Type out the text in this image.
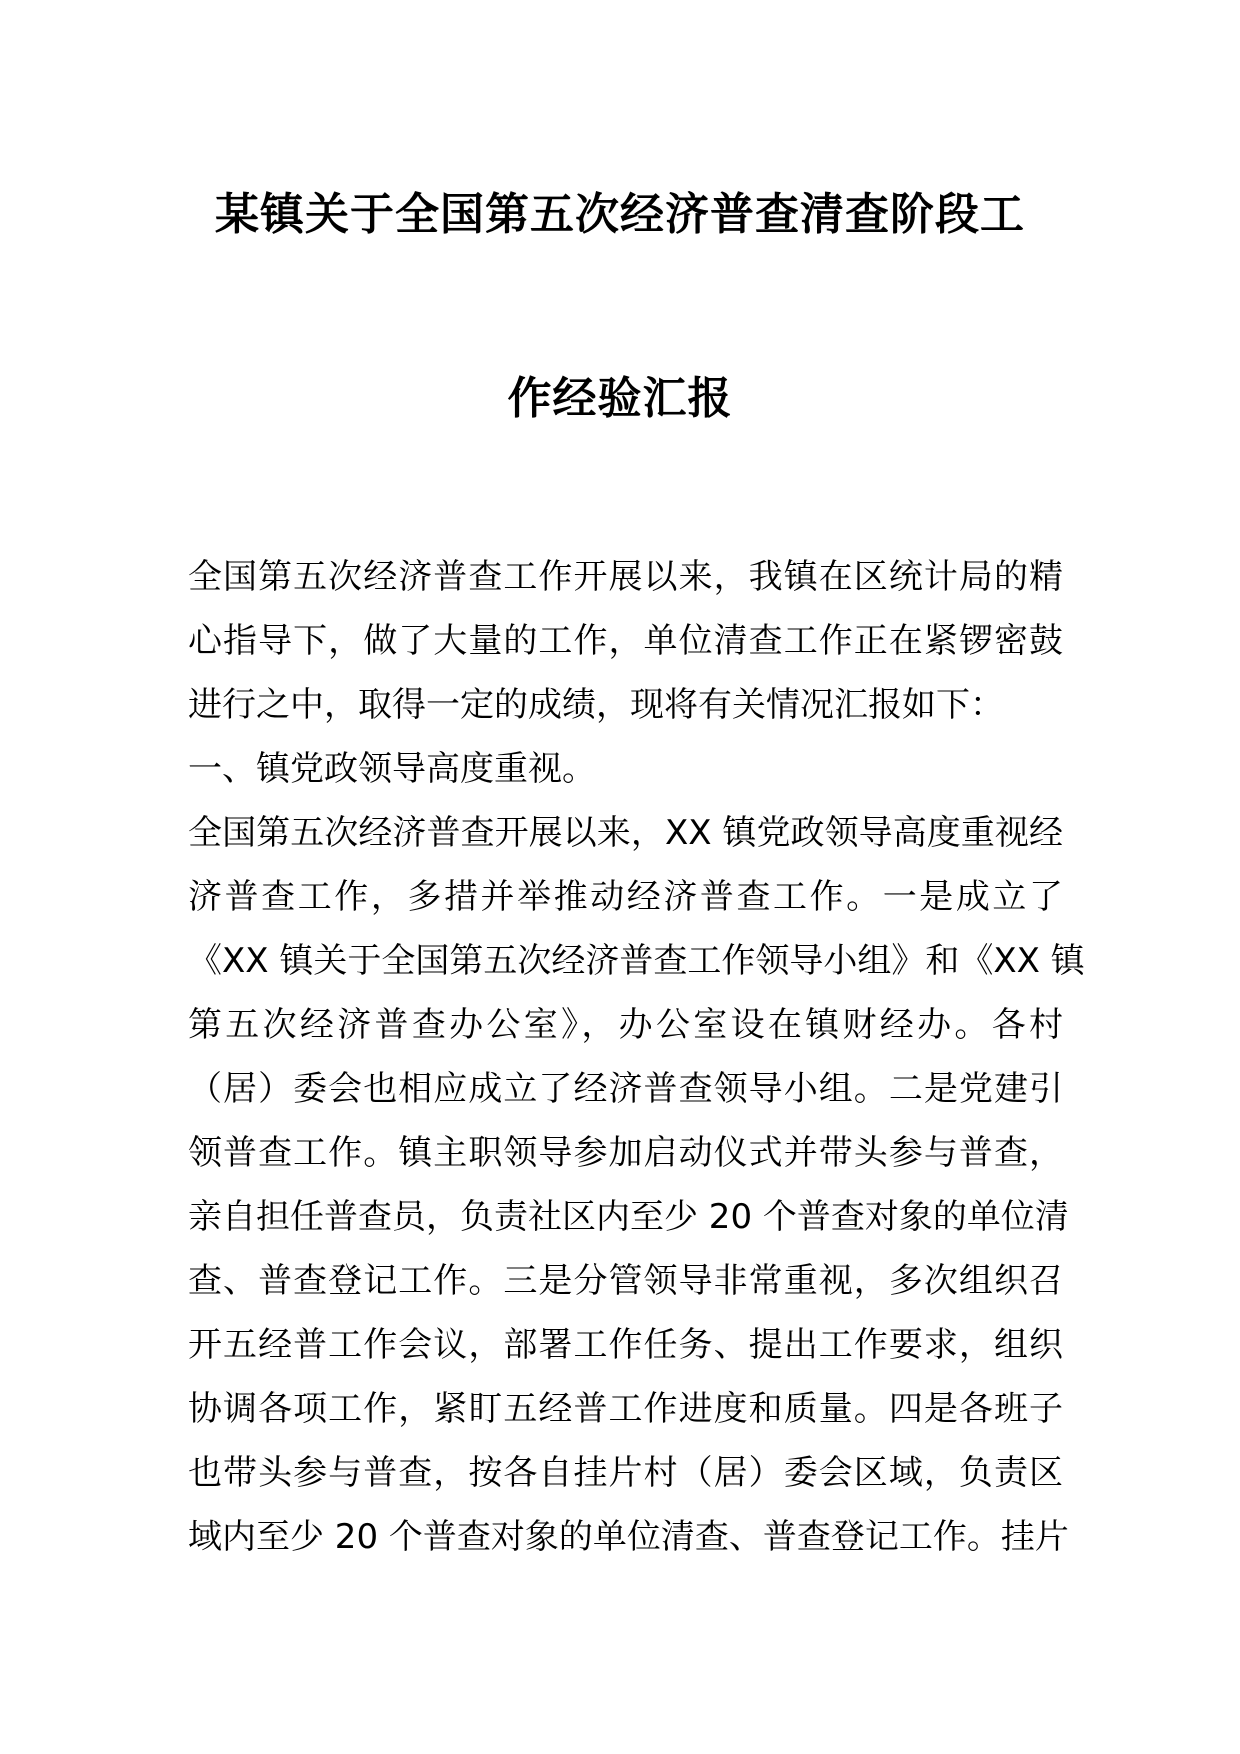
某镇关于全国第五次经济普查清查阶段工
作经验汇报
全国第五次经济普查工作开展以来，我镇在区统计局的精
心指导下，做了大量的工作，单位清查工作正在紧锣密鼓
进行之中，取得一定的成绩，现将有关情况汇报如下：
一、镇党政领导高度重视。
全国第五次经济普查开展以来，XX 镇党政领导高度重视经
济普查工作，多措并举推动经济普查工作。一是成立了
《XX 镇关于全国第五次经济普查工作领导小组》和《XX 镇
第五次经济普查办公室》，办公室设在镇财经办。各村
（居）委会也相应成立了经济普查领导小组。二是党建引
领普查工作。镇主职领导参加启动仪式并带头参与普查，
亲自担任普查员，负责社区内至少 20 个普查对象的单位清
查、普查登记工作。三是分管领导非常重视，多次组织召
开五经普工作会议，部署工作任务、提出工作要求，组织
协调各项工作，紧盯五经普工作进度和质量。四是各班子
也带头参与普查，按各自挂片村（居）委会区域，负责区
域内至少 20 个普查对象的单位清查、普查登记工作。挂片
